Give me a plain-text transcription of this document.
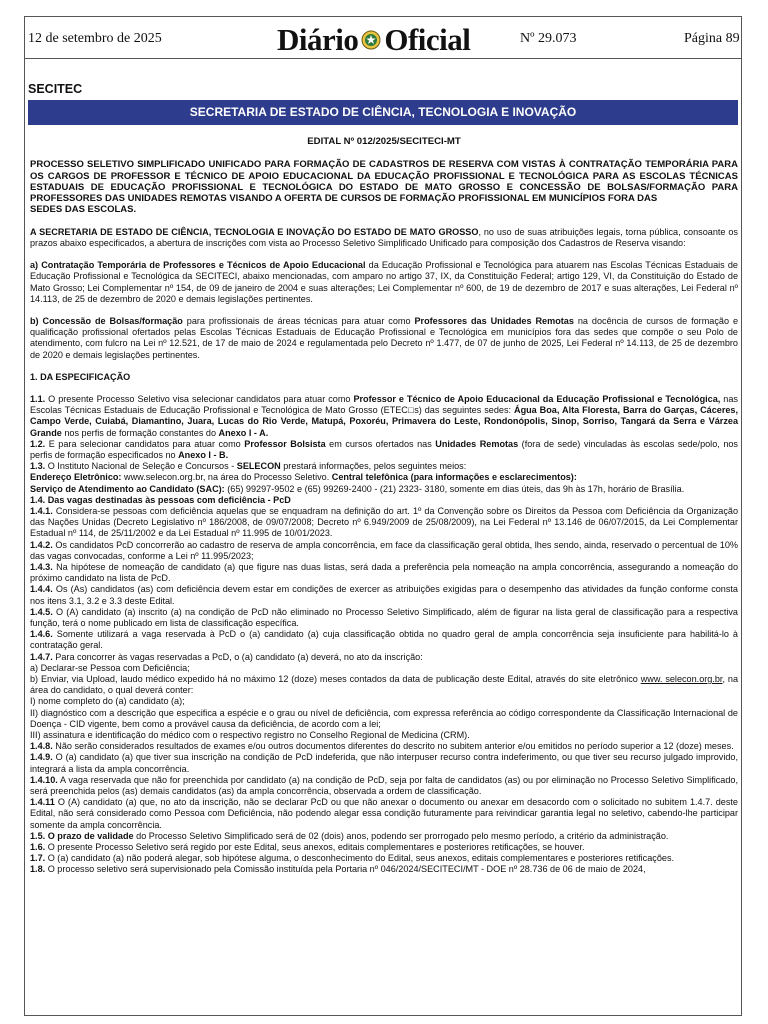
12 de setembro de 2025	Diário Oficial	Nº 29.073	Página 89
SECITEC
SECRETARIA DE ESTADO DE CIÊNCIA, TECNOLOGIA E INOVAÇÃO

EDITAL Nº 012/2025/SECITECI-MT

PROCESSO SELETIVO SIMPLIFICADO UNIFICADO PARA FORMAÇÃO DE CADASTROS DE RESERVA COM VISTAS À CONTRATAÇÃO TEMPORÁRIA PARA OS CARGOS DE PROFESSOR E TÉCNICO DE APOIO EDUCACIONAL DA EDUCAÇÃO PROFISSIONAL E TECNOLÓGICA PARA AS ESCOLAS TÉCNICAS ESTADUAIS DE EDUCAÇÃO PROFISSIONAL E TECNOLÓGICA DO ESTADO DE MATO GROSSO E CONCESSÃO DE BOLSAS/FORMAÇÃO PARA PROFESSORES DAS UNIDADES REMOTAS VISANDO A OFERTA DE CURSOS DE FORMAÇÃO PROFISSIONAL EM MUNICÍPIOS FORA DAS
SEDES DAS ESCOLAS.

A SECRETARIA DE ESTADO DE CIÊNCIA, TECNOLOGIA E INOVAÇÃO DO ESTADO DE MATO GROSSO, no uso de suas atribuições legais, torna pública, consoante os prazos abaixo especificados, a abertura de inscrições com vista ao Processo Seletivo Simplificado Unificado para composição dos Cadastros de Reserva visando:

a) Contratação Temporária de Professores e Técnicos de Apoio Educacional da Educação Profissional e Tecnológica para atuarem nas Escolas Técnicas Estaduais de Educação Profissional e Tecnológica da SECITECI, abaixo mencionadas, com amparo no artigo 37, IX, da Constituição Federal; artigo 129, VI, da Constituição do Estado de Mato Grosso; Lei Complementar nº 154, de 09 de janeiro de 2004 e suas alterações; Lei Complementar nº 600, de 19 de dezembro de 2017 e suas alterações, Lei Federal nº 14.113, de 25 de dezembro de 2020 e demais legislações pertinentes.

b) Concessão de Bolsas/formação para profissionais de áreas técnicas para atuar como Professores das Unidades Remotas na docência de cursos de formação e qualificação profissional ofertados pelas Escolas Técnicas Estaduais de Educação Profissional e Tecnológica em municípios fora das sedes que compõe o seu Polo de atendimento, com fulcro na Lei nº 12.521, de 17 de maio de 2024 e regulamentada pelo Decreto nº 1.477, de 07 de junho de 2025, Lei Federal nº 14.113, de 25 de dezembro de 2020 e demais legislações pertinentes.

1. DA ESPECIFICAÇÃO

1.1. O presente Processo Seletivo visa selecionar candidatos para atuar como Professor e Técnico de Apoio Educacional da Educação Profissional e Tecnológica, nas Escolas Técnicas Estaduais de Educação Profissional e Tecnológica de Mato Grosso (ETEC□s) das seguintes sedes: Água Boa, Alta Floresta, Barra do Garças, Cáceres, Campo Verde, Cuiabá, Diamantino, Juara, Lucas do Rio Verde, Matupá, Poxoréu, Primavera do Leste, Rondonópolis, Sinop, Sorriso, Tangará da Serra e Várzea Grande nos perfis de formação constantes do Anexo I - A.

1.2. E para selecionar candidatos para atuar como Professor Bolsista em cursos ofertados nas Unidades Remotas (fora de sede) vinculadas às escolas sede/polo, nos perfis de formação especificados no Anexo I - B.

1.3. O Instituto Nacional de Seleção e Concursos - SELECON prestará informações, pelos seguintes meios:

Endereço Eletrônico: www.selecon.org.br, na área do Processo Seletivo. Central telefônica (para informações e esclarecimentos):

Serviço de Atendimento ao Candidato (SAC): (65) 99297-9502 e (65) 99269-2400 - (21) 2323- 3180, somente em dias úteis, das 9h às 17h, horário de Brasília.

1.4. Das vagas destinadas às pessoas com deficiência - PcD

1.4.1. Considera-se pessoas com deficiência aquelas que se enquadram na definição do art. 1º da Convenção sobre os Direitos da Pessoa com Deficiência da Organização das Nações Unidas (Decreto Legislativo nº 186/2008, de 09/07/2008; Decreto nº 6.949/2009 de 25/08/2009), na Lei Federal nº 13.146 de 06/07/2015, da Lei Complementar Estadual nº 114, de 25/11/2002 e da Lei Estadual nº 11.995 de 10/01/2023.

1.4.2. Os candidatos PcD concorrerão ao cadastro de reserva de ampla concorrência, em face da classificação geral obtida, lhes sendo, ainda, reservado o percentual de 10% das vagas convocadas, conforme a Lei nº 11.995/2023;

1.4.3. Na hipótese de nomeação de candidato (a) que figure nas duas listas, será dada a preferência pela nomeação na ampla concorrência, assegurando a nomeação do próximo candidato na lista de PcD.

1.4.4. Os (As) candidatos (as) com deficiência devem estar em condições de exercer as atribuições exigidas para o desempenho das atividades da função conforme consta nos itens 3.1, 3.2 e 3.3 deste Edital.

1.4.5. O (A) candidato (a) inscrito (a) na condição de PcD não eliminado no Processo Seletivo Simplificado, além de figurar na lista geral de classificação para a respectiva função, terá o nome publicado em lista de classificação específica.

1.4.6. Somente utilizará a vaga reservada à PcD o (a) candidato (a) cuja classificação obtida no quadro geral de ampla concorrência seja insuficiente para habilitá-lo à contratação geral.

1.4.7. Para concorrer às vagas reservadas a PcD, o (a) candidato (a) deverá, no ato da inscrição:

a) Declarar-se Pessoa com Deficiência;

b) Enviar, via Upload, laudo médico expedido há no máximo 12 (doze) meses contados da data de publicação deste Edital, através do site eletrônico www. selecon.org.br, na área do candidato, o qual deverá conter:

I) nome completo do (a) candidato (a);

II) diagnóstico com a descrição que especifica a espécie e o grau ou nível de deficiência, com expressa referência ao código correspondente da Classificação Internacional de Doença - CID vigente, bem como a provável causa da deficiência, de acordo com a lei;

III) assinatura e identificação do médico com o respectivo registro no Conselho Regional de Medicina (CRM).

1.4.8. Não serão considerados resultados de exames e/ou outros documentos diferentes do descrito no subitem anterior e/ou emitidos no período superior a 12 (doze) meses.

1.4.9. O (a) candidato (a) que tiver sua inscrição na condição de PcD indeferida, que não interpuser recurso contra indeferimento, ou que tiver seu recurso julgado improvido, integrará a lista da ampla concorrência.

1.4.10. A vaga reservada que não for preenchida por candidato (a) na condição de PcD, seja por falta de candidatos (as) ou por eliminação no Processo Seletivo Simplificado, será preenchida pelos (as) demais candidatos (as) da ampla concorrência, observada a ordem de classificação.

1.4.11 O (A) candidato (a) que, no ato da inscrição, não se declarar PcD ou que não anexar o documento ou anexar em desacordo com o solicitado no subitem 1.4.7. deste Edital, não será considerado como Pessoa com Deficiência, não podendo alegar essa condição futuramente para reivindicar garantia legal no seletivo, cabendo-lhe participar somente da ampla concorrência.

1.5. O prazo de validade do Processo Seletivo Simplificado será de 02 (dois) anos, podendo ser prorrogado pelo mesmo período, a critério da administração.

1.6. O presente Processo Seletivo será regido por este Edital, seus anexos, editais complementares e posteriores retificações, se houver.

1.7. O (a) candidato (a) não poderá alegar, sob hipótese alguma, o desconhecimento do Edital, seus anexos, editais complementares e posteriores retificações.

1.8. O processo seletivo será supervisionado pela Comissão instituída pela Portaria nº 046/2024/SECITECI/MT - DOE nº 28.736 de 06 de maio de 2024,
